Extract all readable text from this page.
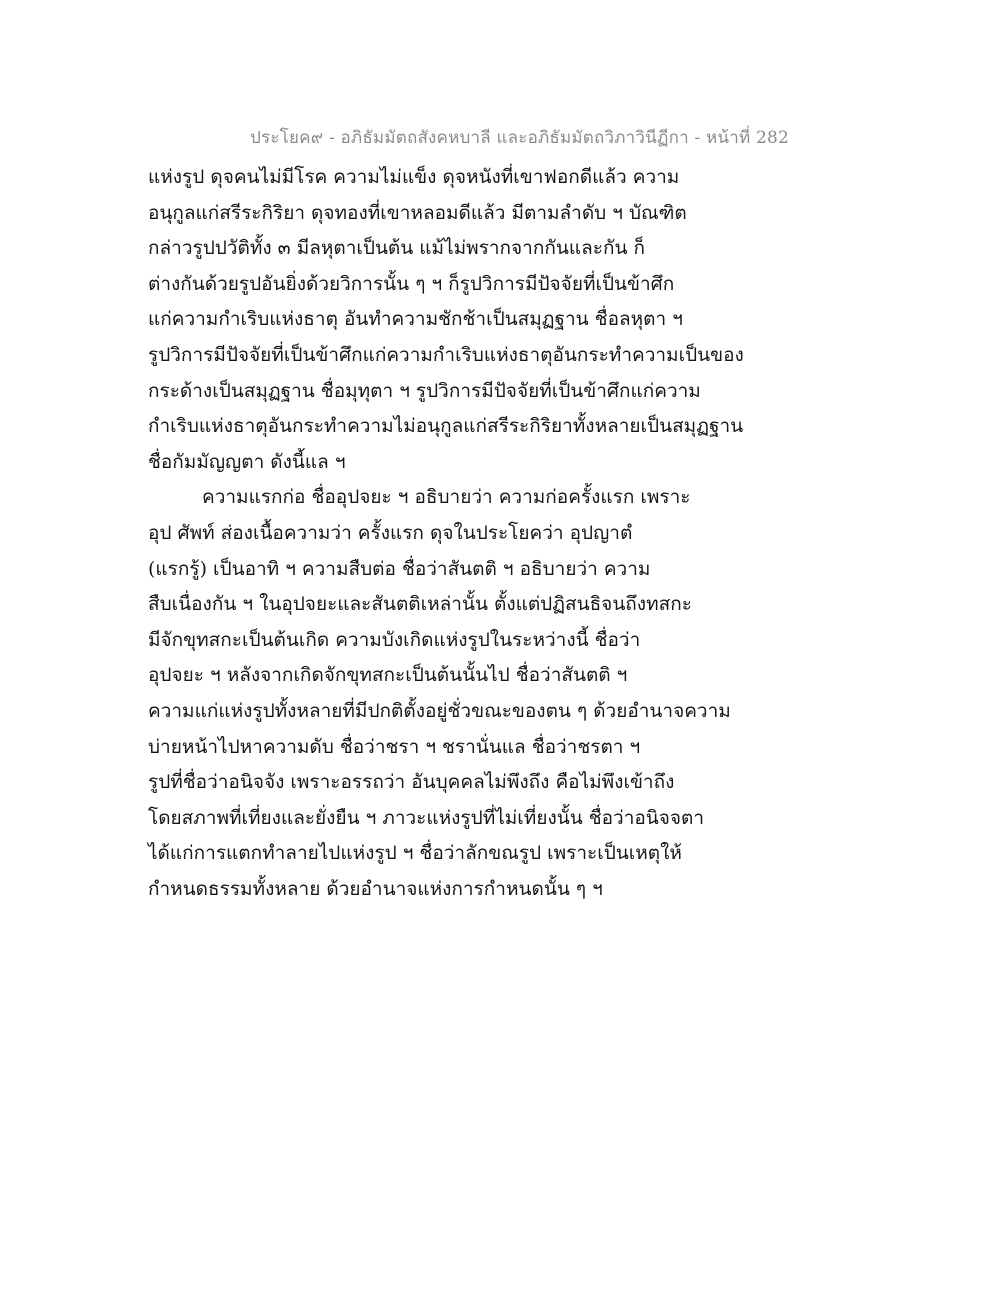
ประโยค๙ - อภิธัมมัตถสังคหบาลี และอภิธัมมัตถวิภาวินีฏีกา - หน้าที่ 282
แห่งรูป ดุจคนไม่มีโรค ความไม่แข็ง ดุจหนังที่เขาฟอกดีแล้ว ความ
อนุกูลแก่สรีระกิริยา ดุจทองที่เขาหลอมดีแล้ว มีตามลำดับ ฯ บัณฑิต
กล่าวรูปปวัติทั้ง ๓ มีลหุตาเป็นต้น แม้ไม่พรากจากกันและกัน ก็
ต่างกันด้วยรูปอันยิ่งด้วยวิการนั้น ๆ ฯ ก็รูปวิการมีปัจจัยที่เป็นข้าศึก
แก่ความกำเริบแห่งธาตุ อันทำความชักช้าเป็นสมุฏฐาน ชื่อลหุตา ฯ
รูปวิการมีปัจจัยที่เป็นข้าศึกแก่ความกำเริบแห่งธาตุอันกระทำความเป็นของ
กระด้างเป็นสมุฏฐาน ชื่อมุทุตา ฯ รูปวิการมีปัจจัยที่เป็นข้าศึกแก่ความ
กำเริบแห่งธาตุอันกระทำความไม่อนุกูลแก่สรีระกิริยาทั้งหลายเป็นสมุฏฐาน
ชื่อกัมมัญญตา ดังนี้แล ฯ
ความแรกก่อ ชื่ออุปจยะ ฯ อธิบายว่า ความก่อครั้งแรก เพราะ
อุป ศัพท์ ส่องเนื้อความว่า ครั้งแรก ดุจในประโยคว่า อุปญาตํ
(แรกรู้) เป็นอาทิ ฯ ความสืบต่อ ชื่อว่าสันตติ ฯ อธิบายว่า ความ
สืบเนื่องกัน ฯ ในอุปจยะและสันตติเหล่านั้น ตั้งแต่ปฏิสนธิจนถึงทสกะ
มีจักขุทสกะเป็นต้นเกิด ความบังเกิดแห่งรูปในระหว่างนี้ ชื่อว่า
อุปจยะ ฯ หลังจากเกิดจักขุทสกะเป็นต้นนั้นไป ชื่อว่าสันตติ ฯ
ความแก่แห่งรูปทั้งหลายที่มีปกติตั้งอยู่ชั่วขณะของตน ๆ ด้วยอำนาจความ
บ่ายหน้าไปหาความดับ ชื่อว่าชรา ฯ ชรานั่นแล ชื่อว่าชรตา ฯ
รูปที่ชื่อว่าอนิจจัง เพราะอรรถว่า อันบุคคลไม่พึงถึง คือไม่พึงเข้าถึง
โดยสภาพที่เที่ยงและยั่งยืน ฯ ภาวะแห่งรูปที่ไม่เที่ยงนั้น ชื่อว่าอนิจจตา
ได้แก่การแตกทำลายไปแห่งรูป ฯ ชื่อว่าลักขณรูป เพราะเป็นเหตุให้
กำหนดธรรมทั้งหลาย ด้วยอำนาจแห่งการกำหนดนั้น ๆ ฯ
